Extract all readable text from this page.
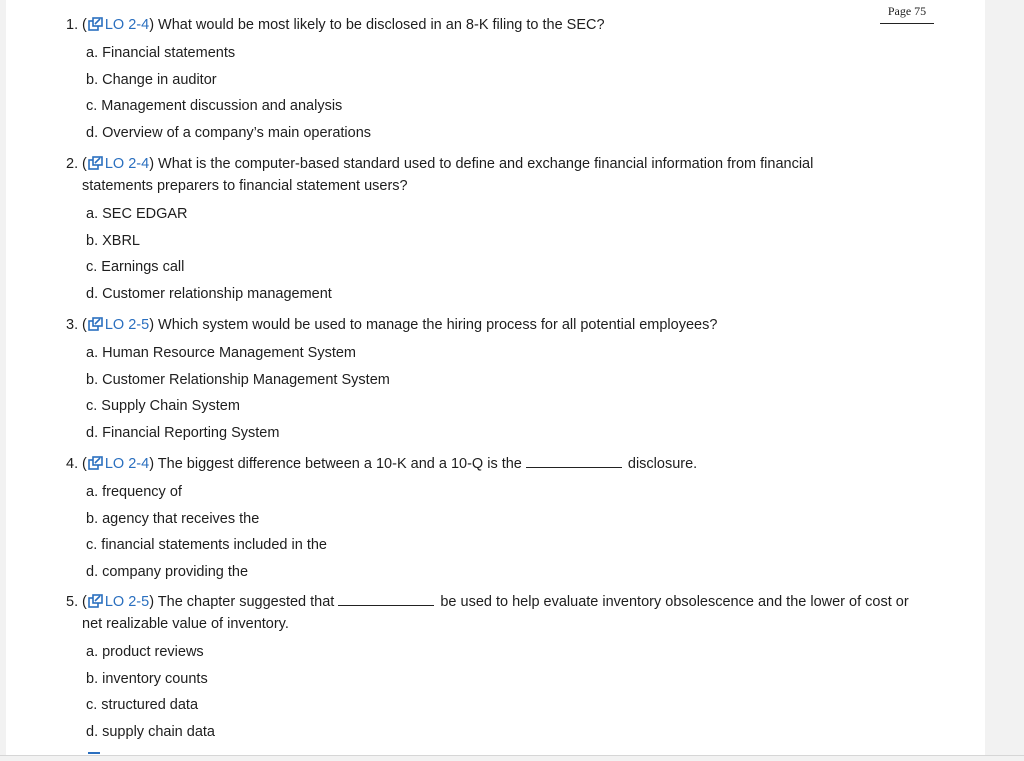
Page 75
1. ( LO 2-4) What would be most likely to be disclosed in an 8-K filing to the SEC?
a. Financial statements
b. Change in auditor
c. Management discussion and analysis
d. Overview of a company’s main operations
2. ( LO 2-4) What is the computer-based standard used to define and exchange financial information from financial statements preparers to financial statement users?
a. SEC EDGAR
b. XBRL
c. Earnings call
d. Customer relationship management
3. ( LO 2-5) Which system would be used to manage the hiring process for all potential employees?
a. Human Resource Management System
b. Customer Relationship Management System
c. Supply Chain System
d. Financial Reporting System
4. ( LO 2-4) The biggest difference between a 10-K and a 10-Q is the	disclosure.
a. frequency of
b. agency that receives the
c. financial statements included in the
d. company providing the
5. ( LO 2-5) The chapter suggested that	be used to help evaluate inventory obsolescence and the lower of cost or net realizable value of inventory.
a. product reviews
b. inventory counts
c. structured data
d. supply chain data
